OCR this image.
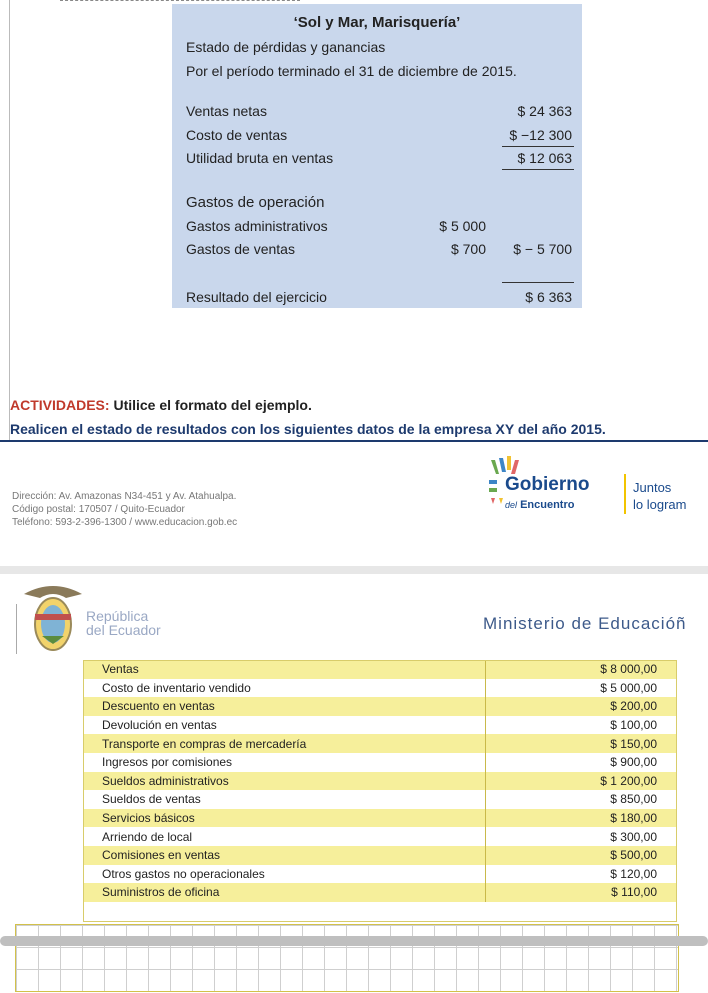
‘Sol y Mar, Marisquería’
Estado de pérdidas y ganancias
Por el período terminado el 31 de diciembre de 2015.
Ventas netas	$ 24 363
Costo de ventas	$ −12 300
Utilidad bruta en ventas	$ 12 063
Gastos de operación
Gastos administrativos	$ 5 000
Gastos de ventas	$ 700	$ − 5 700
Resultado del ejercicio	$ 6 363
ACTIVIDADES: Utilice el formato del ejemplo.
Realicen el estado de resultados con los siguientes datos de la empresa XY del año 2015.
Dirección: Av. Amazonas N34-451 y Av. Atahualpa.
Código postal: 170507 / Quito-Ecuador
Teléfono: 593-2-396-1300 / www.educacion.gob.ec
Gobierno
del Encuentro
Juntos
lo logram
República
del Ecuador	Ministerio de Educacióñ
Ventas	$ 8 000,00
Costo de inventario vendido	$ 5 000,00
Descuento en ventas	$ 200,00
Devolución en ventas	$ 100,00
Transporte en compras de mercadería	$ 150,00
Ingresos por comisiones	$ 900,00
Sueldos administrativos	$ 1 200,00
Sueldos de ventas	$ 850,00
Servicios básicos	$ 180,00
Arriendo de local	$ 300,00
Comisiones en ventas	$ 500,00
Otros gastos no operacionales	$ 120,00
Suministros de oficina	$ 110,00
